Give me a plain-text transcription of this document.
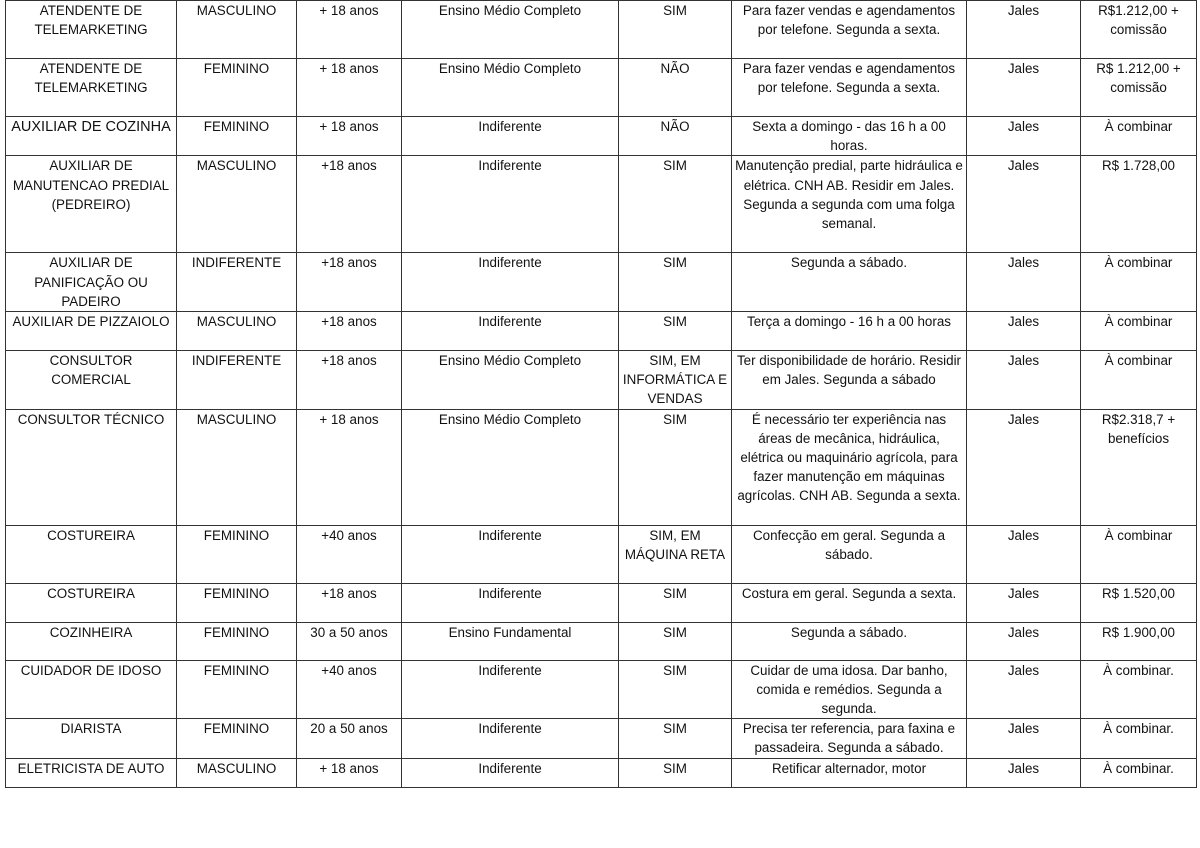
ATENDENTE DE TELEMARKETING	MASCULINO	+ 18 anos	Ensino Médio Completo	SIM	Para fazer vendas e agendamentos por telefone. Segunda a sexta.	Jales	R$1.212,00 + comissão
ATENDENTE DE TELEMARKETING	FEMININO	+ 18 anos	Ensino Médio Completo	NÃO	Para fazer vendas e agendamentos por telefone. Segunda a sexta.	Jales	R$ 1.212,00 + comissão
AUXILIAR DE COZINHA	FEMININO	+ 18 anos	Indiferente	NÃO	Sexta a domingo - das 16 h a 00 horas.	Jales	À combinar
AUXILIAR DE MANUTENCAO PREDIAL (PEDREIRO)	MASCULINO	+18 anos	Indiferente	SIM	Manutenção predial, parte hidráulica e elétrica. CNH AB. Residir em Jales. Segunda a segunda com uma folga semanal.	Jales	R$ 1.728,00
AUXILIAR DE PANIFICAÇÃO OU PADEIRO	INDIFERENTE	+18 anos	Indiferente	SIM	Segunda a sábado.	Jales	À combinar
AUXILIAR DE PIZZAIOLO	MASCULINO	+18 anos	Indiferente	SIM	Terça a domingo - 16 h a 00 horas	Jales	À combinar
CONSULTOR COMERCIAL	INDIFERENTE	+18 anos	Ensino Médio Completo	SIM, EM INFORMÁTICA E VENDAS	Ter disponibilidade de horário. Residir em Jales. Segunda a sábado	Jales	À combinar
CONSULTOR TÉCNICO	MASCULINO	+ 18 anos	Ensino Médio Completo	SIM	É necessário ter experiência nas áreas de mecânica, hidráulica, elétrica ou maquinário agrícola, para fazer manutenção em máquinas agrícolas. CNH AB. Segunda a sexta.	Jales	R$2.318,7 + benefícios
COSTUREIRA	FEMININO	+40 anos	Indiferente	SIM, EM MÁQUINA RETA	Confecção em geral. Segunda a sábado.	Jales	À combinar
COSTUREIRA	FEMININO	+18 anos	Indiferente	SIM	Costura em geral. Segunda a sexta.	Jales	R$ 1.520,00
COZINHEIRA	FEMININO	30 a 50 anos	Ensino Fundamental	SIM	Segunda a sábado.	Jales	R$ 1.900,00
CUIDADOR DE IDOSO	FEMININO	+40 anos	Indiferente	SIM	Cuidar de uma idosa. Dar banho, comida e remédios. Segunda a segunda.	Jales	À combinar.
DIARISTA	FEMININO	20 a 50 anos	Indiferente	SIM	Precisa ter referencia, para faxina e passadeira. Segunda a sábado.	Jales	À combinar.
ELETRICISTA DE AUTO	MASCULINO	+ 18 anos	Indiferente	SIM	Retificar alternador, motor	Jales	À combinar.
